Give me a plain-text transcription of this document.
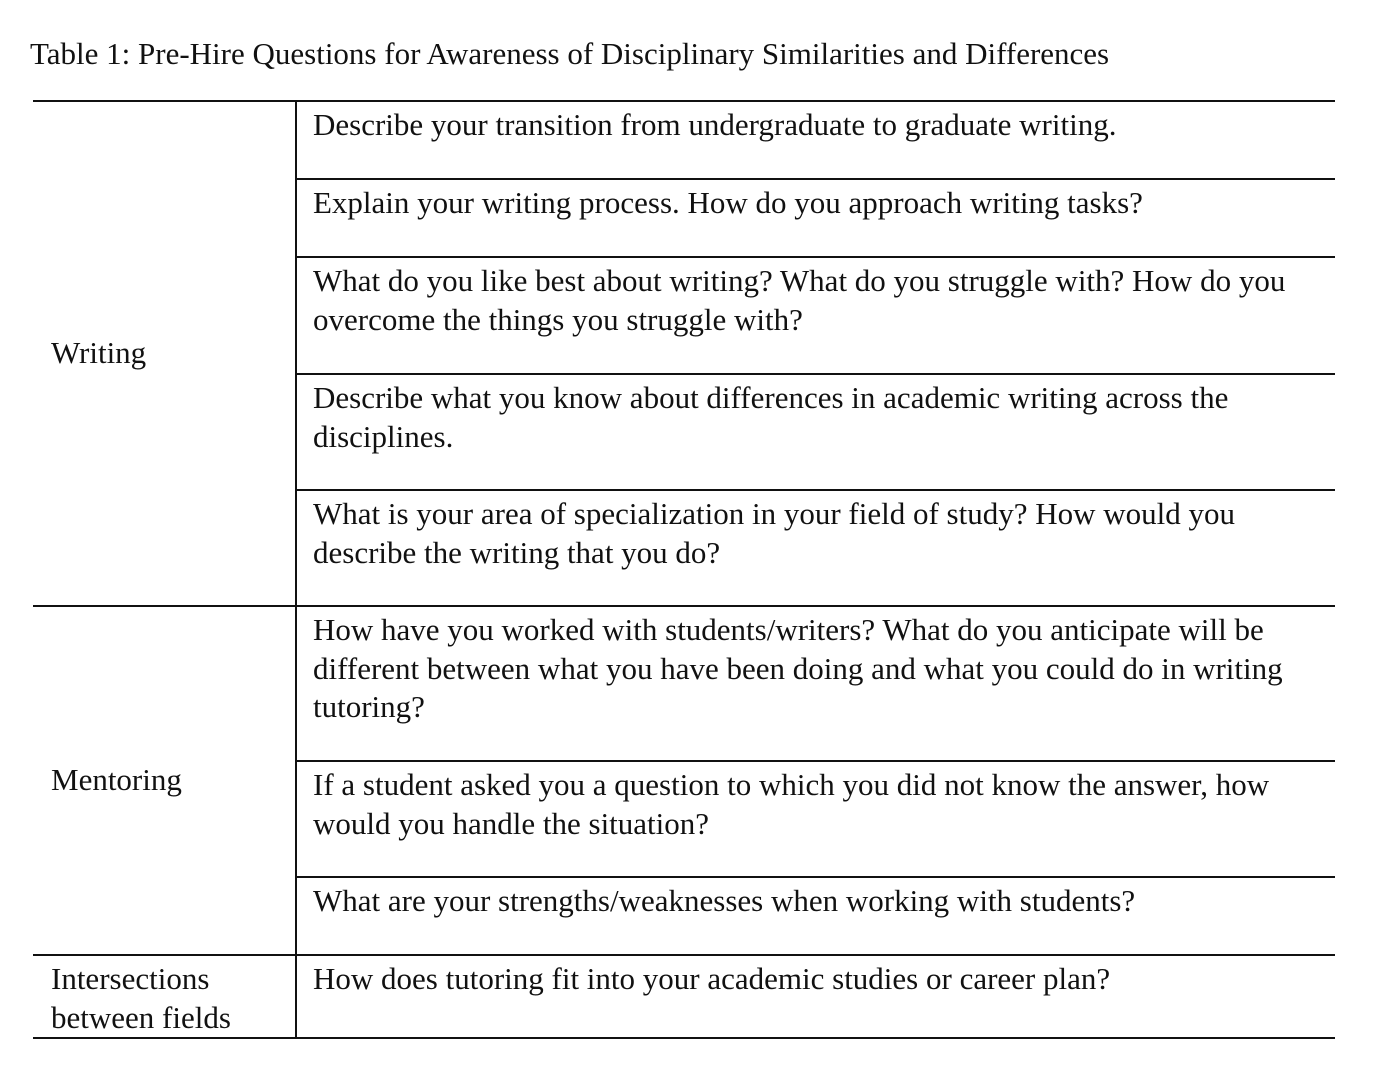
Table 1: Pre-Hire Questions for Awareness of Disciplinary Similarities and Differences
Writing	Describe your transition from undergraduate to graduate writing.
	Explain your writing process. How do you approach writing tasks?
	What do you like best about writing? What do you struggle with? How do you overcome the things you struggle with?
	Describe what you know about differences in academic writing across the disciplines.
	What is your area of specialization in your field of study? How would you describe the writing that you do?

Mentoring	How have you worked with students/writers? What do you anticipate will be different between what you have been doing and what you could do in writing tutoring?
	If a student asked you a question to which you did not know the answer, how would you handle the situation?
	What are your strengths/weaknesses when working with students?

Intersections between fields	How does tutoring fit into your academic studies or career plan?
